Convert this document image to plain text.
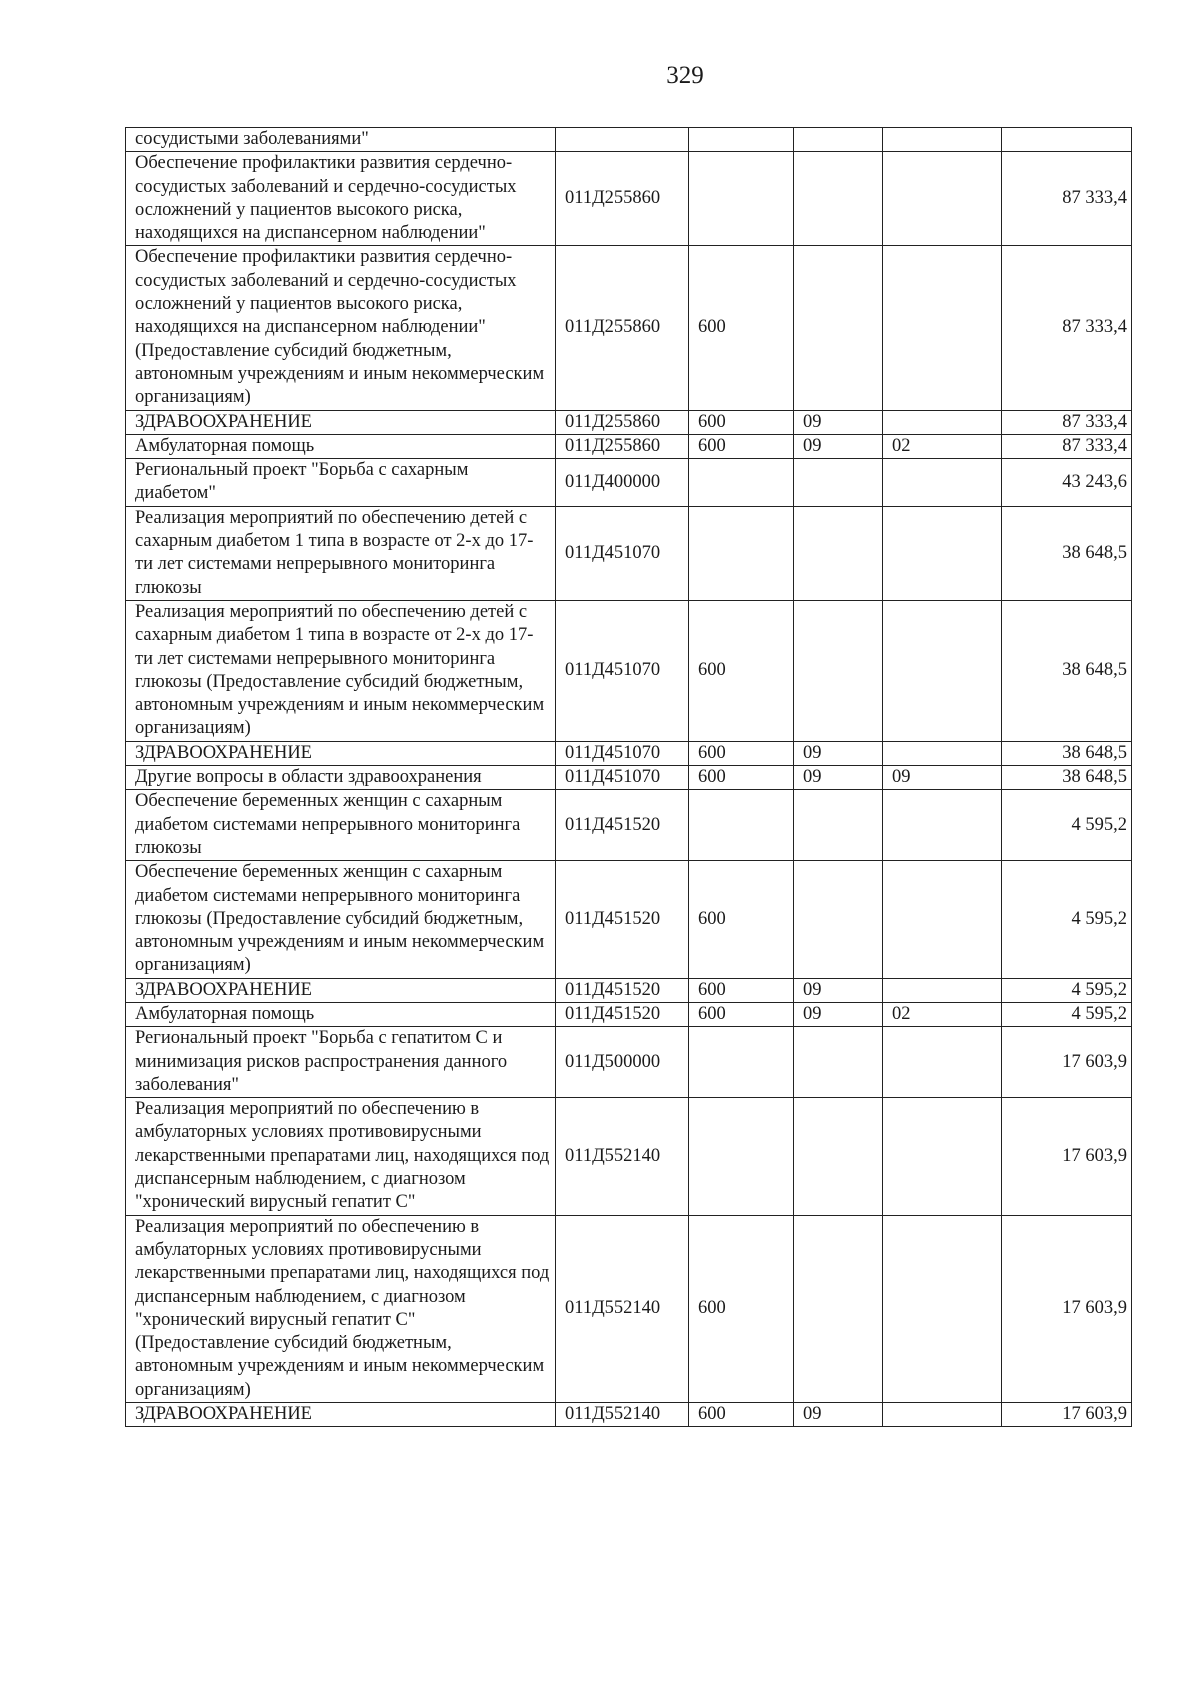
329
сосудистыми заболеваниями"					
Обеспечение профилактики развития сердечно-сосудистых заболеваний и сердечно-сосудистых осложнений у пациентов высокого риска, находящихся на диспансерном наблюдении"	011Д255860				87 333,4
Обеспечение профилактики развития сердечно-сосудистых заболеваний и сердечно-сосудистых осложнений у пациентов высокого риска, находящихся на диспансерном наблюдении" (Предоставление субсидий бюджетным, автономным учреждениям и иным некоммерческим организациям)	011Д255860	600			87 333,4
ЗДРАВООХРАНЕНИЕ	011Д255860	600	09		87 333,4
Амбулаторная помощь	011Д255860	600	09	02	87 333,4
Региональный проект "Борьба с сахарным диабетом"	011Д400000				43 243,6
Реализация мероприятий по обеспечению детей с сахарным диабетом 1 типа в возрасте от 2-х до 17-ти лет системами непрерывного мониторинга глюкозы	011Д451070				38 648,5
Реализация мероприятий по обеспечению детей с сахарным диабетом 1 типа в возрасте от 2-х до 17-ти лет системами непрерывного мониторинга глюкозы (Предоставление субсидий бюджетным, автономным учреждениям и иным некоммерческим организациям)	011Д451070	600			38 648,5
ЗДРАВООХРАНЕНИЕ	011Д451070	600	09		38 648,5
Другие вопросы в области здравоохранения	011Д451070	600	09	09	38 648,5
Обеспечение беременных женщин с сахарным диабетом системами непрерывного мониторинга глюкозы	011Д451520				4 595,2
Обеспечение беременных женщин с сахарным диабетом системами непрерывного мониторинга глюкозы (Предоставление субсидий бюджетным, автономным учреждениям и иным некоммерческим организациям)	011Д451520	600			4 595,2
ЗДРАВООХРАНЕНИЕ	011Д451520	600	09		4 595,2
Амбулаторная помощь	011Д451520	600	09	02	4 595,2
Региональный проект "Борьба с гепатитом С и минимизация рисков распространения данного заболевания"	011Д500000				17 603,9
Реализация мероприятий по обеспечению в амбулаторных условиях противовирусными лекарственными препаратами лиц, находящихся под диспансерным наблюдением, с диагнозом "хронический вирусный гепатит С"	011Д552140				17 603,9
Реализация мероприятий по обеспечению в амбулаторных условиях противовирусными лекарственными препаратами лиц, находящихся под диспансерным наблюдением, с диагнозом "хронический вирусный гепатит С" (Предоставление субсидий бюджетным, автономным учреждениям и иным некоммерческим организациям)	011Д552140	600			17 603,9
ЗДРАВООХРАНЕНИЕ	011Д552140	600	09		17 603,9
